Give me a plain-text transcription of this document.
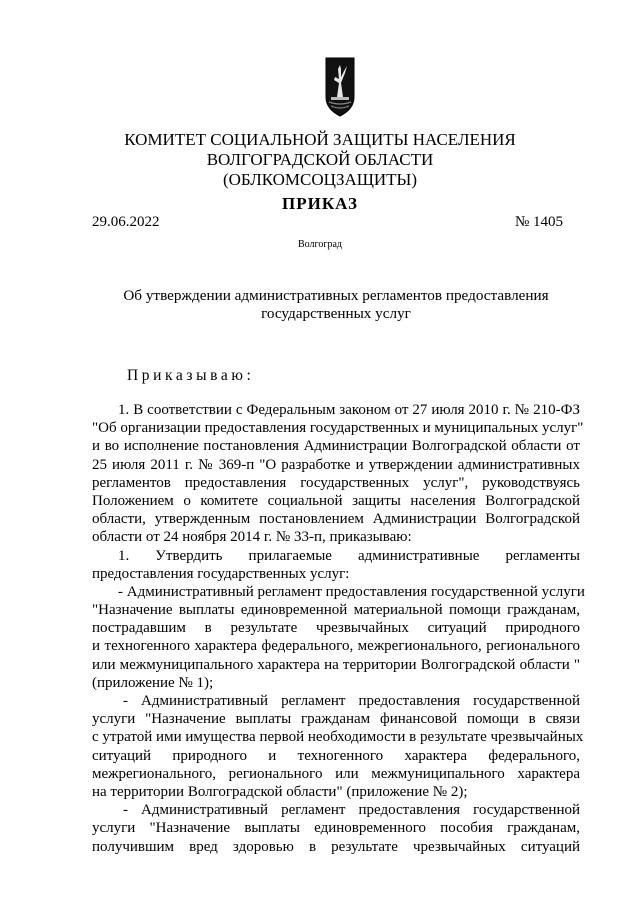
КОМИТЕТ СОЦИАЛЬНОЙ ЗАЩИТЫ НАСЕЛЕНИЯ
ВОЛГОГРАДСКОЙ ОБЛАСТИ
(ОБЛКОМСОЦЗАЩИТЫ)
ПРИКАЗ
29.06.2022	№ 1405
Волгоград
Об утверждении административных регламентов предоставления
государственных услуг
Приказываю:
1. В соответствии с Федеральным законом от 27 июля 2010 г. № 210-ФЗ
"Об организации предоставления государственных и муниципальных услуг"
и во исполнение постановления Администрации Волгоградской области от
25 июля 2011 г. № 369-п "О разработке и утверждении административных
регламентов предоставления государственных услуг", руководствуясь
Положением о комитете социальной защиты населения Волгоградской
области, утвержденным постановлением Администрации Волгоградской
области от 24 ноября 2014 г. № 33-п, приказываю:
1. Утвердить прилагаемые административные регламенты
предоставления государственных услуг:
- Административный регламент предоставления государственной услуги
"Назначение выплаты единовременной материальной помощи гражданам,
пострадавшим в результате чрезвычайных ситуаций природного
и техногенного характера федерального, межрегионального, регионального
или межмуниципального характера на территории Волгоградской области "
(приложение № 1);
- Административный регламент предоставления государственной
услуги "Назначение выплаты гражданам финансовой помощи в связи
с утратой ими имущества первой необходимости в результате чрезвычайных
ситуаций природного и техногенного характера федерального,
межрегионального, регионального или межмуниципального характера
на территории Волгоградской области" (приложение № 2);
- Административный регламент предоставления государственной
услуги "Назначение выплаты единовременного пособия гражданам,
получившим вред здоровью в результате чрезвычайных ситуаций
